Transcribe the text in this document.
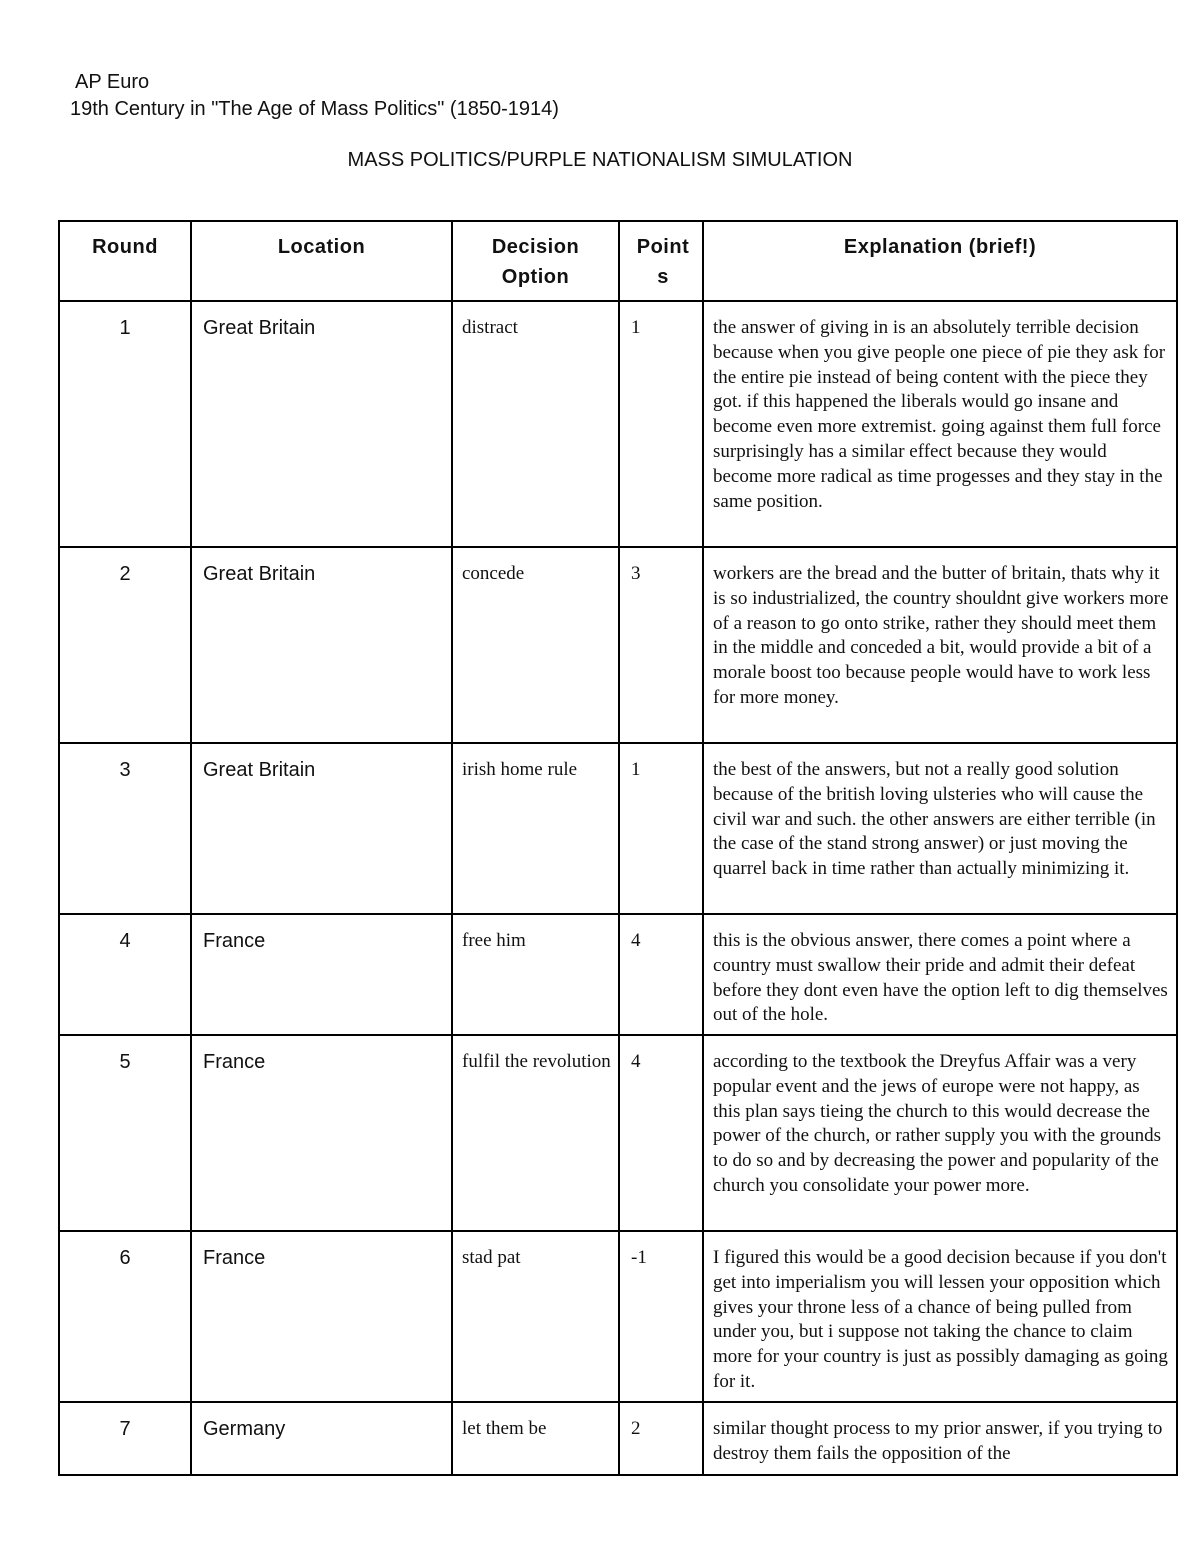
AP Euro
19th Century in "The Age of Mass Politics" (1850-1914)
MASS POLITICS/PURPLE NATIONALISM SIMULATION
Round	Location	Decision Option	Points	Explanation (brief!)
1	Great Britain	distract	1	the answer of giving in is an absolutely terrible decision because when you give people one piece of pie they ask for the entire pie instead of being content with the piece they got. if this happened the liberals would go insane and become even more extremist. going against them full force surprisingly has a similar effect because they would become more radical as time progesses and they stay in the same position.
2	Great Britain	concede	3	workers are the bread and the butter of britain, thats why it is so industrialized, the country shouldnt give workers more of a reason to go onto strike, rather they should meet them in the middle and conceded a bit, would provide a bit of a morale boost too because people would have to work less for more money.
3	Great Britain	irish home rule	1	the best of the answers, but not a really good solution because of the british loving ulsteries who will cause the civil war and such. the other answers are either terrible (in the case of the stand strong answer) or just moving the quarrel back in time rather than actually minimizing it.
4	France	free him	4	this is the obvious answer, there comes a point where a country must swallow their pride and admit their defeat before they dont even have the option left to dig themselves out of the hole.
5	France	fulfil the revolution	4	according to the textbook the Dreyfus Affair was a very popular event and the jews of europe were not happy, as this plan says tieing the church to this would decrease the power of the church, or rather supply you with the grounds to do so and by decreasing the power and popularity of the church you consolidate your power more.
6	France	stad pat	-1	I figured this would be a good decision because if you don't get into imperialism you will lessen your opposition which gives your throne less of a chance of being pulled from under you, but i suppose not taking the chance to claim more for your country is just as possibly damaging as going for it.
7	Germany	let them be	2	similar thought process to my prior answer, if you trying to destroy them fails the opposition of the
